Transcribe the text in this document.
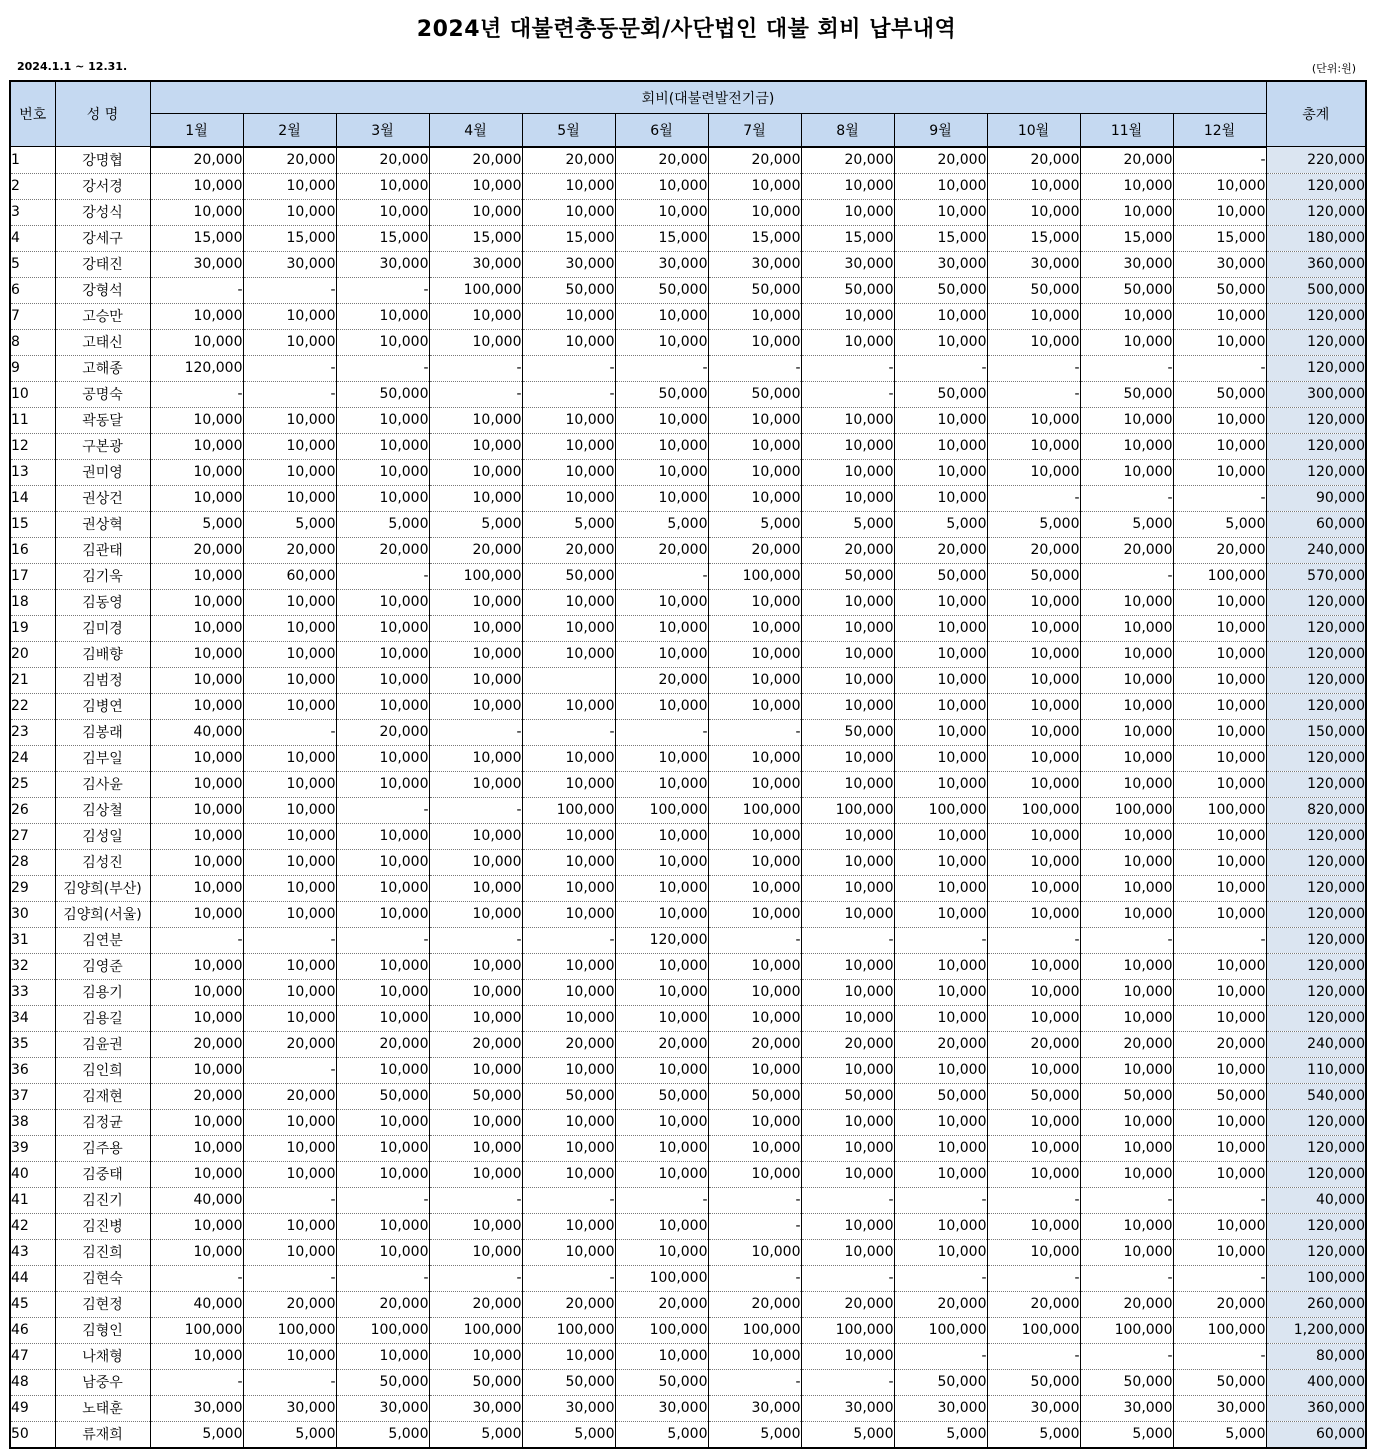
2024년 대불련총동문회/사단법인 대불 회비 납부내역
2024.1.1 ~ 12.31.	(단위:원)
번호	성 명	회비(대불련발전기금)												총계
		1월	2월	3월	4월	5월	6월	7월	8월	9월	10월	11월	12월	
1	강명협	20,000	20,000	20,000	20,000	20,000	20,000	20,000	20,000	20,000	20,000	20,000	-	220,000
2	강서경	10,000	10,000	10,000	10,000	10,000	10,000	10,000	10,000	10,000	10,000	10,000	10,000	120,000
3	강성식	10,000	10,000	10,000	10,000	10,000	10,000	10,000	10,000	10,000	10,000	10,000	10,000	120,000
4	강세구	15,000	15,000	15,000	15,000	15,000	15,000	15,000	15,000	15,000	15,000	15,000	15,000	180,000
5	강태진	30,000	30,000	30,000	30,000	30,000	30,000	30,000	30,000	30,000	30,000	30,000	30,000	360,000
6	강형석	-	-	-	100,000	50,000	50,000	50,000	50,000	50,000	50,000	50,000	50,000	500,000
7	고승만	10,000	10,000	10,000	10,000	10,000	10,000	10,000	10,000	10,000	10,000	10,000	10,000	120,000
8	고태신	10,000	10,000	10,000	10,000	10,000	10,000	10,000	10,000	10,000	10,000	10,000	10,000	120,000
9	고해종	120,000	-	-	-	-	-	-	-	-	-	-	-	120,000
10	공명숙	-	-	50,000	-	-	50,000	50,000	-	50,000	-	50,000	50,000	300,000
11	곽동달	10,000	10,000	10,000	10,000	10,000	10,000	10,000	10,000	10,000	10,000	10,000	10,000	120,000
12	구본광	10,000	10,000	10,000	10,000	10,000	10,000	10,000	10,000	10,000	10,000	10,000	10,000	120,000
13	권미영	10,000	10,000	10,000	10,000	10,000	10,000	10,000	10,000	10,000	10,000	10,000	10,000	120,000
14	권상건	10,000	10,000	10,000	10,000	10,000	10,000	10,000	10,000	10,000	-	-	-	90,000
15	권상혁	5,000	5,000	5,000	5,000	5,000	5,000	5,000	5,000	5,000	5,000	5,000	5,000	60,000
16	김관태	20,000	20,000	20,000	20,000	20,000	20,000	20,000	20,000	20,000	20,000	20,000	20,000	240,000
17	김기욱	10,000	60,000	-	100,000	50,000	-	100,000	50,000	50,000	50,000	-	100,000	570,000
18	김동영	10,000	10,000	10,000	10,000	10,000	10,000	10,000	10,000	10,000	10,000	10,000	10,000	120,000
19	김미경	10,000	10,000	10,000	10,000	10,000	10,000	10,000	10,000	10,000	10,000	10,000	10,000	120,000
20	김배향	10,000	10,000	10,000	10,000	10,000	10,000	10,000	10,000	10,000	10,000	10,000	10,000	120,000
21	김범정	10,000	10,000	10,000	10,000		20,000	10,000	10,000	10,000	10,000	10,000	10,000	120,000
22	김병연	10,000	10,000	10,000	10,000	10,000	10,000	10,000	10,000	10,000	10,000	10,000	10,000	120,000
23	김봉래	40,000	-	20,000	-	-	-	-	50,000	10,000	10,000	10,000	10,000	150,000
24	김부일	10,000	10,000	10,000	10,000	10,000	10,000	10,000	10,000	10,000	10,000	10,000	10,000	120,000
25	김사윤	10,000	10,000	10,000	10,000	10,000	10,000	10,000	10,000	10,000	10,000	10,000	10,000	120,000
26	김상철	10,000	10,000	-	-	100,000	100,000	100,000	100,000	100,000	100,000	100,000	100,000	820,000
27	김성일	10,000	10,000	10,000	10,000	10,000	10,000	10,000	10,000	10,000	10,000	10,000	10,000	120,000
28	김성진	10,000	10,000	10,000	10,000	10,000	10,000	10,000	10,000	10,000	10,000	10,000	10,000	120,000
29	김양희(부산)	10,000	10,000	10,000	10,000	10,000	10,000	10,000	10,000	10,000	10,000	10,000	10,000	120,000
30	김양희(서울)	10,000	10,000	10,000	10,000	10,000	10,000	10,000	10,000	10,000	10,000	10,000	10,000	120,000
31	김연분	-	-	-	-	-	120,000	-	-	-	-	-	-	120,000
32	김영준	10,000	10,000	10,000	10,000	10,000	10,000	10,000	10,000	10,000	10,000	10,000	10,000	120,000
33	김용기	10,000	10,000	10,000	10,000	10,000	10,000	10,000	10,000	10,000	10,000	10,000	10,000	120,000
34	김용길	10,000	10,000	10,000	10,000	10,000	10,000	10,000	10,000	10,000	10,000	10,000	10,000	120,000
35	김윤권	20,000	20,000	20,000	20,000	20,000	20,000	20,000	20,000	20,000	20,000	20,000	20,000	240,000
36	김인희	10,000	-	10,000	10,000	10,000	10,000	10,000	10,000	10,000	10,000	10,000	10,000	110,000
37	김재현	20,000	20,000	50,000	50,000	50,000	50,000	50,000	50,000	50,000	50,000	50,000	50,000	540,000
38	김정균	10,000	10,000	10,000	10,000	10,000	10,000	10,000	10,000	10,000	10,000	10,000	10,000	120,000
39	김주용	10,000	10,000	10,000	10,000	10,000	10,000	10,000	10,000	10,000	10,000	10,000	10,000	120,000
40	김중태	10,000	10,000	10,000	10,000	10,000	10,000	10,000	10,000	10,000	10,000	10,000	10,000	120,000
41	김진기	40,000	-	-	-	-	-	-	-	-	-	-	-	40,000
42	김진병	10,000	10,000	10,000	10,000	10,000	10,000	-	10,000	10,000	10,000	10,000	10,000	120,000
43	김진희	10,000	10,000	10,000	10,000	10,000	10,000	10,000	10,000	10,000	10,000	10,000	10,000	120,000
44	김현숙	-	-	-	-	-	100,000	-	-	-	-	-	-	100,000
45	김현정	40,000	20,000	20,000	20,000	20,000	20,000	20,000	20,000	20,000	20,000	20,000	20,000	260,000
46	김형인	100,000	100,000	100,000	100,000	100,000	100,000	100,000	100,000	100,000	100,000	100,000	100,000	1,200,000
47	나채형	10,000	10,000	10,000	10,000	10,000	10,000	10,000	10,000	-	-	-	-	80,000
48	남중우	-	-	50,000	50,000	50,000	50,000	-	-	50,000	50,000	50,000	50,000	400,000
49	노태훈	30,000	30,000	30,000	30,000	30,000	30,000	30,000	30,000	30,000	30,000	30,000	30,000	360,000
50	류재희	5,000	5,000	5,000	5,000	5,000	5,000	5,000	5,000	5,000	5,000	5,000	5,000	60,000
